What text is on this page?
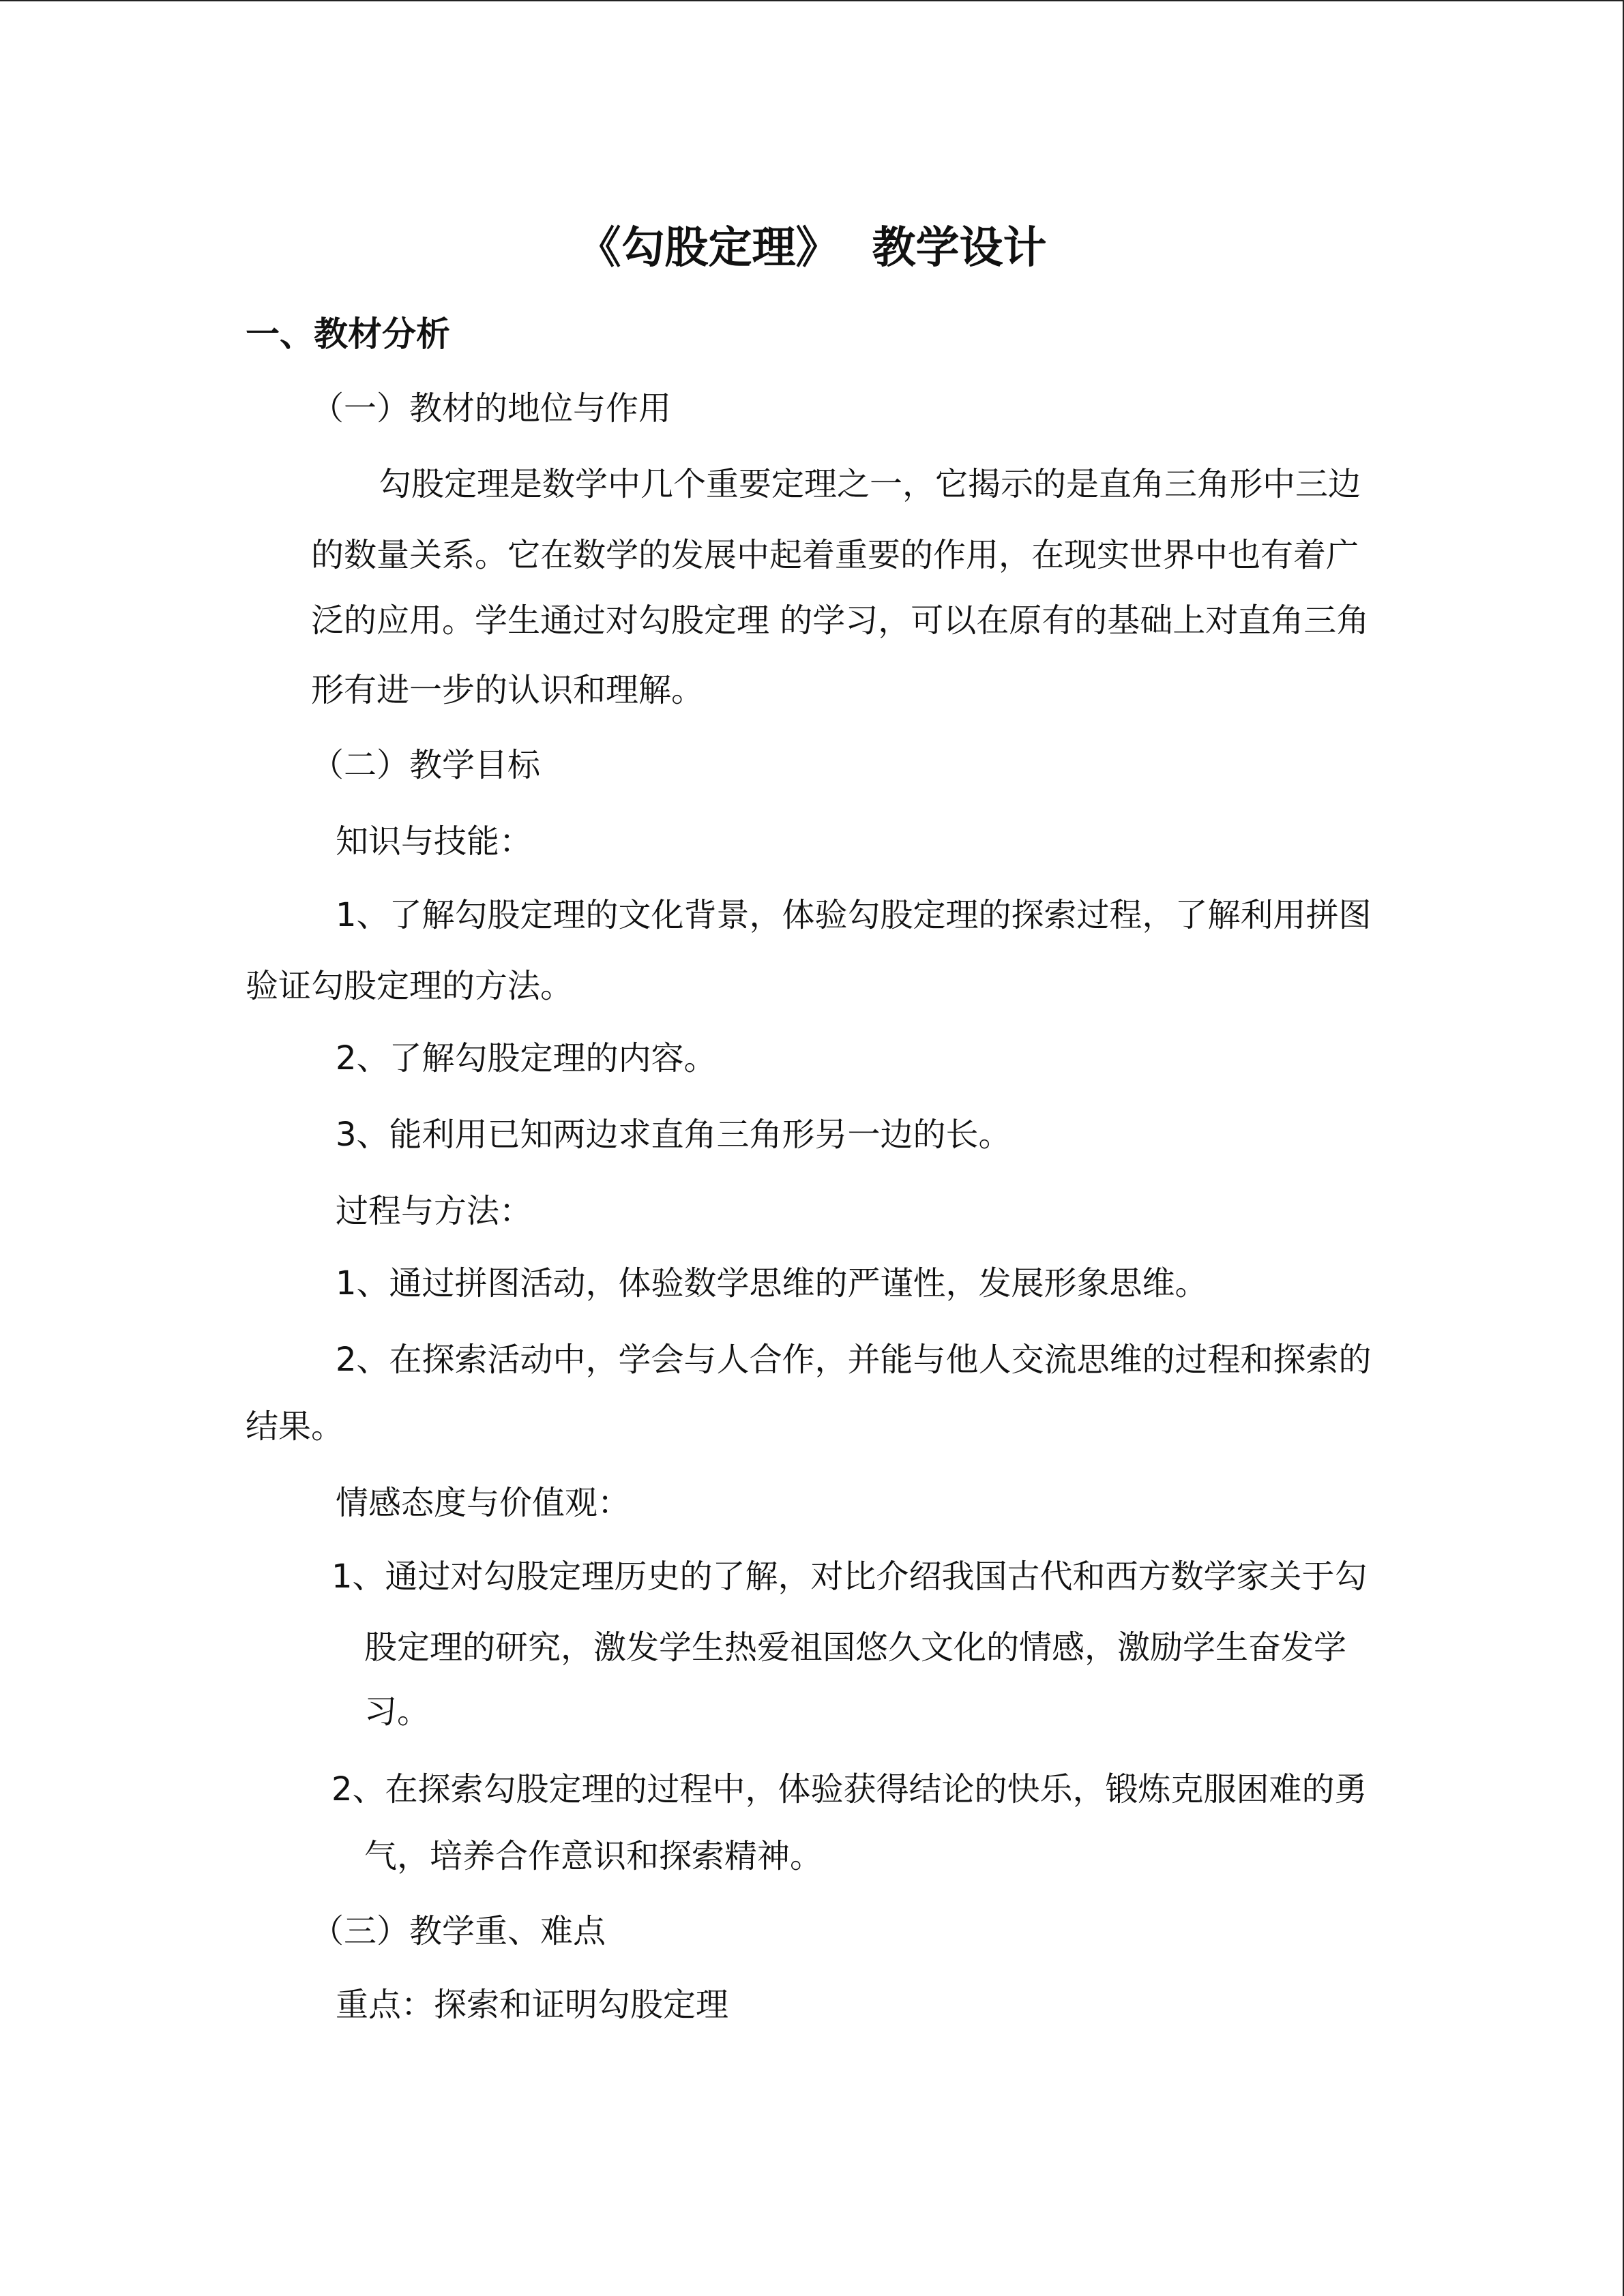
《勾股定理》 教学设计

一、教材分析

（一）教材的地位与作用

勾股定理是数学中几个重要定理之一，它揭示的是直角三角形中三边

的数量关系。它在数学的发展中起着重要的作用，在现实世界中也有着广

泛的应用。学生通过对勾股定理 的学习，可以在原有的基础上对直角三角

形有进一步的认识和理解。

（二）教学目标

知识与技能：

1、了解勾股定理的文化背景，体验勾股定理的探索过程，了解利用拼图

验证勾股定理的方法。

2、了解勾股定理的内容。

3、能利用已知两边求直角三角形另一边的长。

过程与方法：

1、通过拼图活动，体验数学思维的严谨性，发展形象思维。

2、在探索活动中，学会与人合作，并能与他人交流思维的过程和探索的

结果。

情感态度与价值观：

1、通过对勾股定理历史的了解，对比介绍我国古代和西方数学家关于勾

股定理的研究，激发学生热爱祖国悠久文化的情感，激励学生奋发学

习。

2、在探索勾股定理的过程中，体验获得结论的快乐，锻炼克服困难的勇

气，培养合作意识和探索精神。

（三）教学重、难点

重点：探索和证明勾股定理
